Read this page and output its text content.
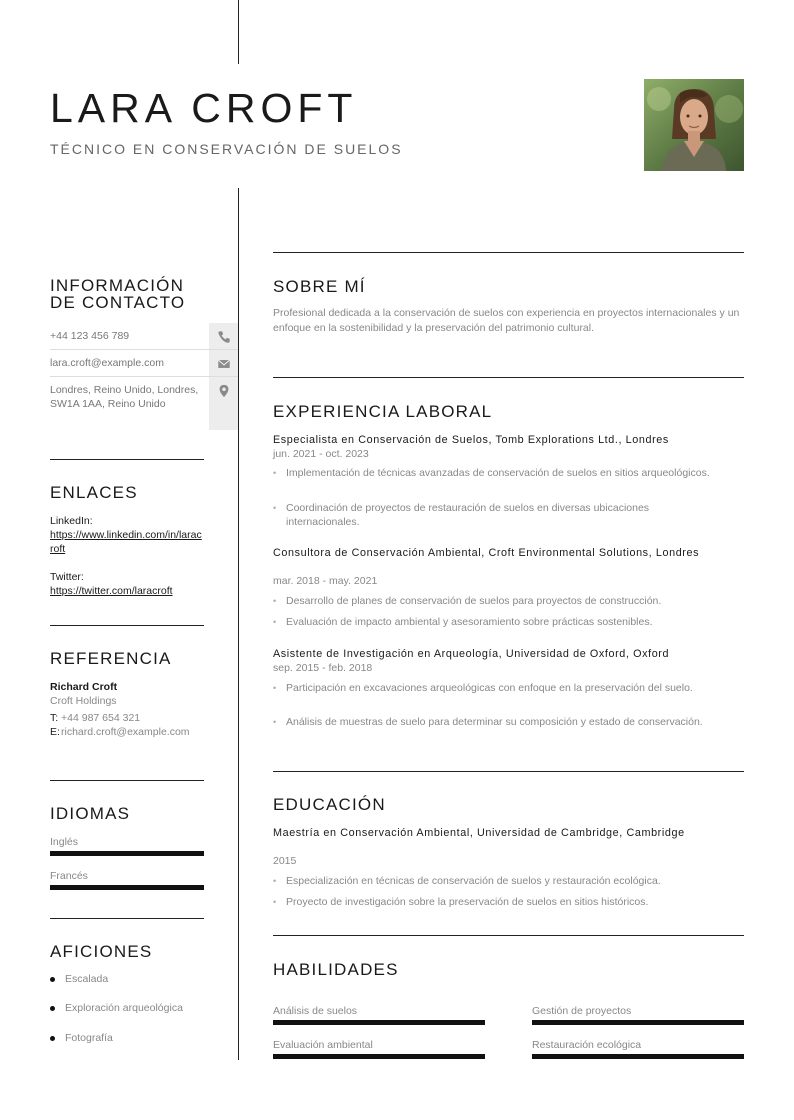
LARA CROFT
TÉCNICO EN CONSERVACIÓN DE SUELOS
INFORMACIÓN DE CONTACTO
+44 123 456 789
lara.croft@example.com
Londres, Reino Unido, Londres, SW1A 1AA, Reino Unido
ENLACES
LinkedIn:
https://www.linkedin.com/in/laracroft
Twitter:
https://twitter.com/laracroft
REFERENCIA
Richard Croft
Croft Holdings
T: +44 987 654 321
E: richard.croft@example.com
IDIOMAS
Inglés
Francés
AFICIONES
Escalada
Exploración arqueológica
Fotografía
SOBRE MÍ
Profesional dedicada a la conservación de suelos con experiencia en proyectos internacionales y un enfoque en la sostenibilidad y la preservación del patrimonio cultural.
EXPERIENCIA LABORAL
Especialista en Conservación de Suelos, Tomb Explorations Ltd., Londres
jun. 2021 - oct. 2023
• Implementación de técnicas avanzadas de conservación de suelos en sitios arqueológicos.
• Coordinación de proyectos de restauración de suelos en diversas ubicaciones internacionales.
Consultora de Conservación Ambiental, Croft Environmental Solutions, Londres
mar. 2018 - may. 2021
• Desarrollo de planes de conservación de suelos para proyectos de construcción.
• Evaluación de impacto ambiental y asesoramiento sobre prácticas sostenibles.
Asistente de Investigación en Arqueología, Universidad de Oxford, Oxford
sep. 2015 - feb. 2018
• Participación en excavaciones arqueológicas con enfoque en la preservación del suelo.
• Análisis de muestras de suelo para determinar su composición y estado de conservación.
EDUCACIÓN
Maestría en Conservación Ambiental, Universidad de Cambridge, Cambridge
2015
• Especialización en técnicas de conservación de suelos y restauración ecológica.
• Proyecto de investigación sobre la preservación de suelos en sitios históricos.
HABILIDADES
Análisis de suelos	Gestión de proyectos
Evaluación ambiental	Restauración ecológica
